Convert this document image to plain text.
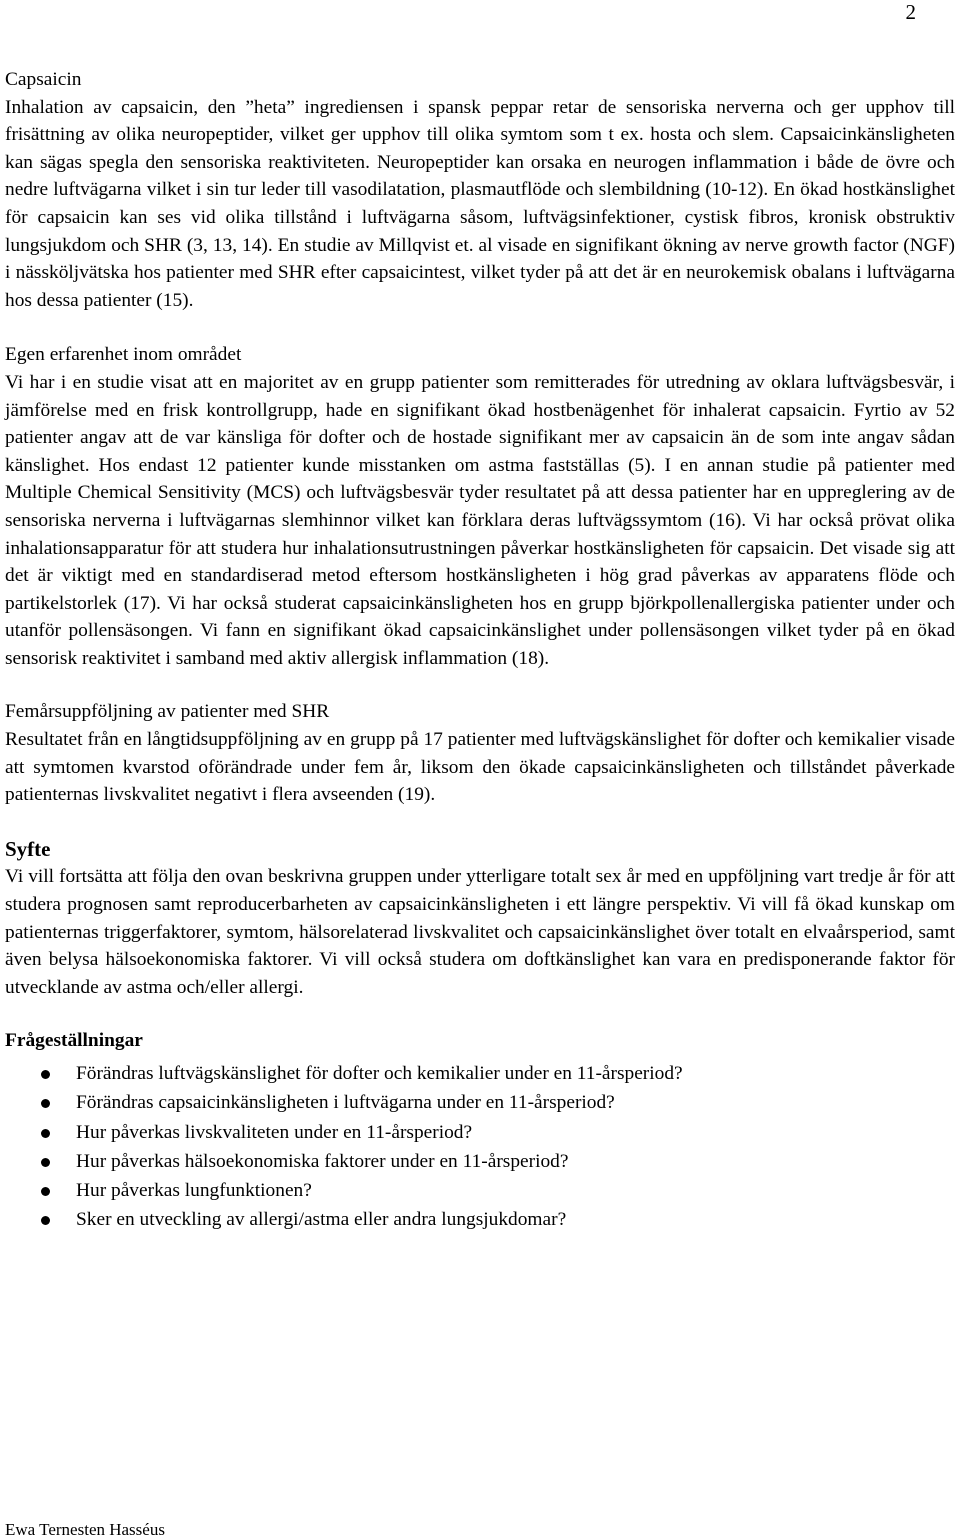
2
Capsaicin

Inhalation av capsaicin, den ”heta” ingrediensen i spansk peppar retar de sensoriska nerverna och ger upphov till frisättning av olika neuropeptider, vilket ger upphov till olika symtom som t ex. hosta och slem. Capsaicinkänsligheten kan sägas spegla den sensoriska reaktiviteten. Neuropeptider kan orsaka en neurogen inflammation i både de övre och nedre luftvägarna vilket i sin tur leder till vasodilatation, plasmautflöde och slembildning (10-12). En ökad hostkänslighet för capsaicin kan ses vid olika tillstånd i luftvägarna såsom, luftvägsinfektioner, cystisk fibros, kronisk obstruktiv lungsjukdom och SHR (3, 13, 14). En studie av Millqvist et. al visade en signifikant ökning av nerve growth factor (NGF) i nässköljvätska hos patienter med SHR efter capsaicintest, vilket tyder på att det är en neurokemisk obalans i luftvägarna hos dessa patienter (15).

Egen erfarenhet inom området

Vi har i en studie visat att en majoritet av en grupp patienter som remitterades för utredning av oklara luftvägsbesvär, i jämförelse med en frisk kontrollgrupp, hade en signifikant ökad hostbenägenhet för inhalerat capsaicin. Fyrtio av 52 patienter angav att de var känsliga för dofter och de hostade signifikant mer av capsaicin än de som inte angav sådan känslighet. Hos endast 12 patienter kunde misstanken om astma fastställas (5). I en annan studie på patienter med Multiple Chemical Sensitivity (MCS) och luftvägsbesvär tyder resultatet på att dessa patienter har en uppreglering av de sensoriska nerverna i luftvägarnas slemhinnor vilket kan förklara deras luftvägssymtom (16). Vi har också prövat olika inhalationsapparatur för att studera hur inhalationsutrustningen påverkar hostkänsligheten för capsaicin. Det visade sig att det är viktigt med en standardiserad metod eftersom hostkänsligheten i hög grad påverkas av apparatens flöde och partikelstorlek (17). Vi har också studerat capsaicinkänsligheten hos en grupp björkpollenallergiska patienter under och utanför pollensäsongen. Vi fann en signifikant ökad capsaicinkänslighet under pollensäsongen vilket tyder på en ökad sensorisk reaktivitet i samband med aktiv allergisk inflammation (18).

Femårsuppföljning av patienter med SHR

Resultatet från en långtidsuppföljning av en grupp på 17 patienter med luftvägskänslighet för dofter och kemikalier visade att symtomen kvarstod oförändrade under fem år, liksom den ökade capsaicinkänsligheten och tillståndet påverkade patienternas livskvalitet negativt i flera avseenden (19).

Syfte

Vi vill fortsätta att följa den ovan beskrivna gruppen under ytterligare totalt sex år med en uppföljning vart tredje år för att studera prognosen samt reproducerbarheten av capsaicinkänsligheten i ett längre perspektiv. Vi vill få ökad kunskap om patienternas triggerfaktorer, symtom, hälsorelaterad livskvalitet och capsaicinkänslighet över totalt en elvaårsperiod, samt även belysa hälsoekonomiska faktorer. Vi vill också studera om doftkänslighet kan vara en predisponerande faktor för utvecklande av astma och/eller allergi.

Frågeställningar
Förändras luftvägskänslighet för dofter och kemikalier under en 11-årsperiod?
Förändras capsaicinkänsligheten i luftvägarna under en 11-årsperiod?
Hur påverkas livskvaliteten under en 11-årsperiod?
Hur påverkas hälsoekonomiska faktorer under en 11-årsperiod?
Hur påverkas lungfunktionen?
Sker en utveckling av allergi/astma eller andra lungsjukdomar?
Ewa Ternesten Hasséus
